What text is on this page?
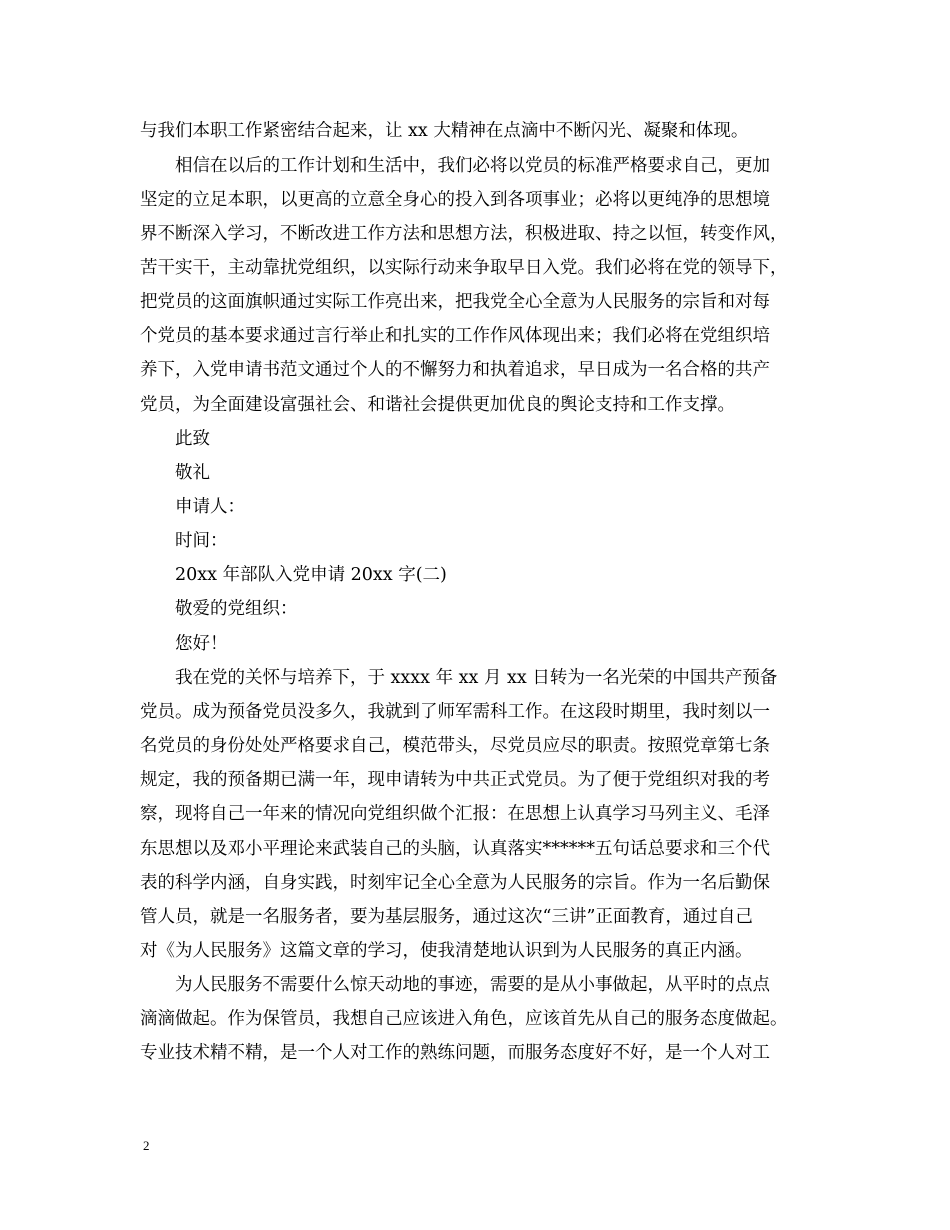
与我们本职工作紧密结合起来，让 xx 大精神在点滴中不断闪光、凝聚和体现。

相信在以后的工作计划和生活中，我们必将以党员的标准严格要求自己，更加

坚定的立足本职，以更高的立意全身心的投入到各项事业；必将以更纯净的思想境

界不断深入学习，不断改进工作方法和思想方法，积极进取、持之以恒，转变作风，

苦干实干，主动靠扰党组织，以实际行动来争取早日入党。我们必将在党的领导下，

把党员的这面旗帜通过实际工作亮出来，把我党全心全意为人民服务的宗旨和对每

个党员的基本要求通过言行举止和扎实的工作作风体现出来；我们必将在党组织培

养下，入党申请书范文通过个人的不懈努力和执着追求，早日成为一名合格的共产

党员，为全面建设富强社会、和谐社会提供更加优良的舆论支持和工作支撑。

此致

敬礼

申请人：

时间：

20xx 年部队入党申请 20xx 字(二)

敬爱的党组织：

您好！

我在党的关怀与培养下，于 xxxx 年 xx 月 xx 日转为一名光荣的中国共产预备

党员。成为预备党员没多久，我就到了师军需科工作。在这段时期里，我时刻以一

名党员的身份处处严格要求自己，模范带头，尽党员应尽的职责。按照党章第七条

规定，我的预备期已满一年，现申请转为中共正式党员。为了便于党组织对我的考

察，现将自己一年来的情况向党组织做个汇报：在思想上认真学习马列主义、毛泽

东思想以及邓小平理论来武装自己的头脑，认真落实******五句话总要求和三个代

表的科学内涵，自身实践，时刻牢记全心全意为人民服务的宗旨。作为一名后勤保

管人员，就是一名服务者，要为基层服务，通过这次“三讲”正面教育，通过自己

对《为人民服务》这篇文章的学习，使我清楚地认识到为人民服务的真正内涵。

为人民服务不需要什么惊天动地的事迹，需要的是从小事做起，从平时的点点

滴滴做起。作为保管员，我想自己应该进入角色，应该首先从自己的服务态度做起。

专业技术精不精，是一个人对工作的熟练问题，而服务态度好不好，是一个人对工

2
